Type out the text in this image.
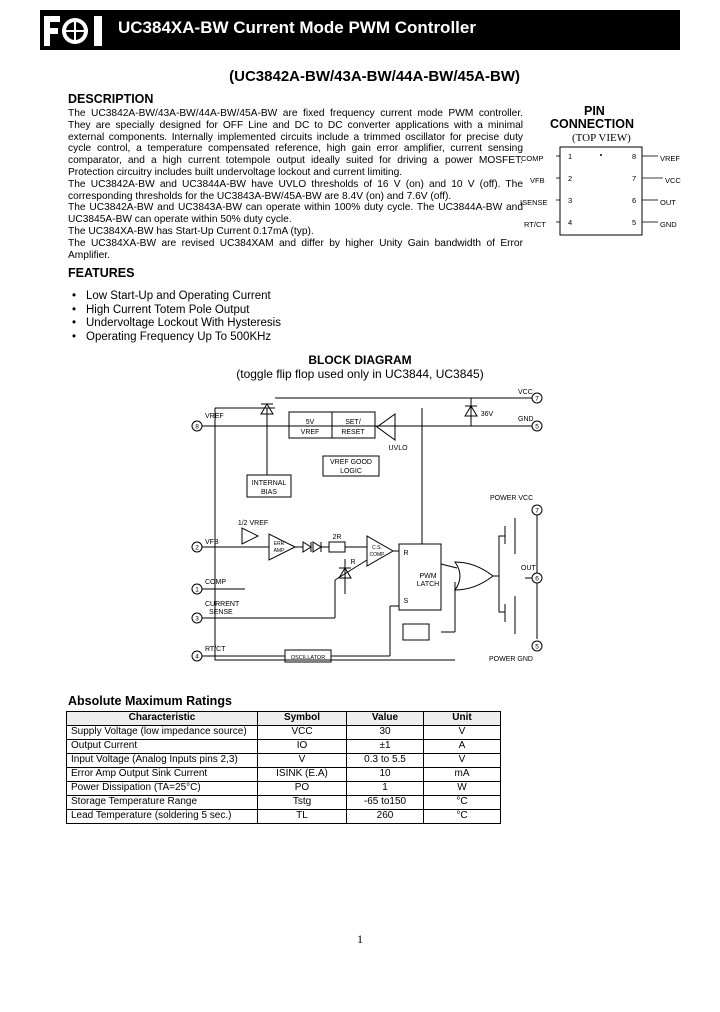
FCI
UC384XA-BW Current Mode PWM Controller
(UC3842A-BW/43A-BW/44A-BW/45A-BW)
DESCRIPTION

The UC3842A-BW/43A-BW/44A-BW/45A-BW are fixed frequency current mode PWM controller. They are specially designed for OFF Line and DC to DC converter applications with a minimal external components. Internally implemented circuits include a trimmed oscillator for precise duty cycle control, a temperature compensated reference, high gain error amplifier, current sensing comparator, and a high current totempole output ideally suited for driving a power MOSFET. Protection circuitry includes built undervoltage lockout and current limiting.

The UC3842A-BW and UC3844A-BW have UVLO thresholds of 16 V (on) and 10 V (off). The corresponding thresholds for the UC3843A-BW/45A-BW are 8.4V (on) and 7.6V (off).

The UC3842A-BW and UC3843A-BW can operate within 100% duty cycle. The UC3844A-BW and UC3845A-BW can operate within 50% duty cycle.

The UC384XA-BW has Start-Up Current 0.17mA (typ).

The UC384XA-BW are revised UC384XAM and differ by higher Unity Gain bandwidth of Error Amplifier.

FEATURES
• Low Start-Up and Operating Current
• High Current Totem Pole Output
• Undervoltage Lockout With Hysteresis
• Operating Frequency Up To 500KHz
PIN
CONNECTION
(TOP VIEW)
COMP	1
VFB	2
ISENSE	3
RT/CT	4
VREF
8
VCC
7
OUT
6
GND
5
BLOCK DIAGRAM
(toggle flip flop used only in UC3844, UC3845)
8
2
1
3
4
7
5
7
6
5
5V
VREF
SET/
RESET
UVLO
VREF GOOD
LOGIC
INTERNAL
BIAS
1/2 VREF
ERR
AMP
2R
R
C.S.
COMP
PWM
LATCH
R
S
OSCILLATOR
36V
VREF
VFB
COMP
CURRENT
SENSE
RT/CT
VCC
GND
POWER VCC
OUT
POWER GND
Absolute Maximum Ratings
Characteristic	Symbol	Value	Unit
Supply Voltage (low impedance source)	VCC	30	V
Output Current	IO	±1	A
Input Voltage (Analog Inputs pins 2,3)	V	0.3 to 5.5	V
Error Amp Output Sink Current	ISINK (E.A)	10	mA
Power Dissipation (TA=25°C)	PO	1	W
Storage Temperature Range	Tstg	-65 to150	°C
Lead Temperature (soldering 5 sec.)	TL	260	°C
1
